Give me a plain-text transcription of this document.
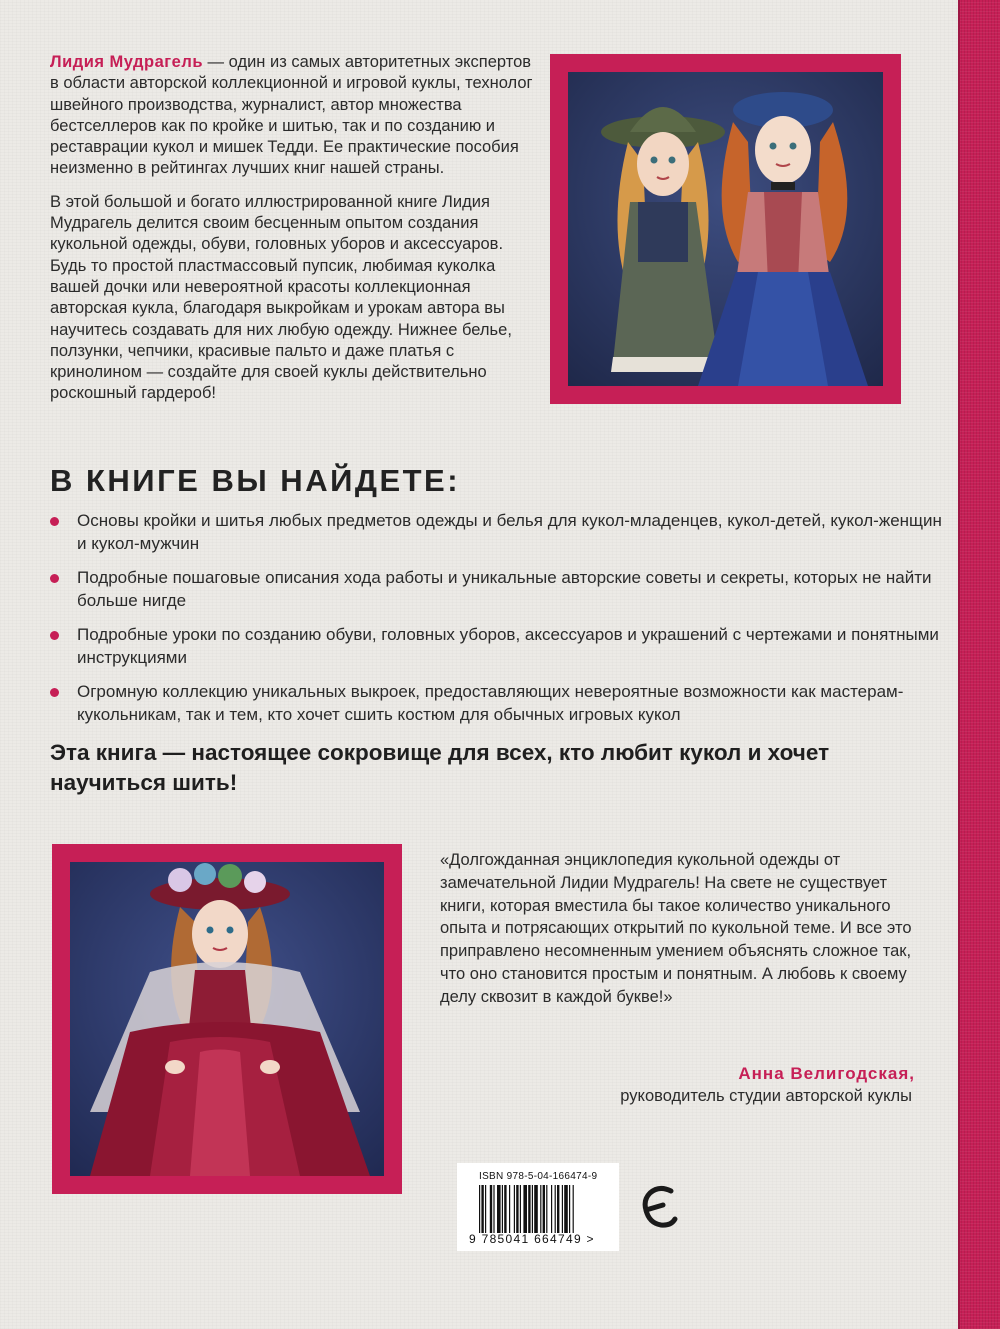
Лидия Мудрагель — один из самых авторитетных экспертов в области авторской коллекционной и игровой куклы, технолог швейного производства, журналист, автор множества бестселлеров как по кройке и шитью, так и по созданию и реставрации кукол и мишек Тедди. Ее практические пособия неизменно в рейтингах лучших книг нашей страны.

В этой большой и богато иллюстрированной книге Лидия Мудрагель делится своим бесценным опытом создания кукольной одежды, обуви, головных уборов и аксессуаров. Будь то простой пластмассовый пупсик, любимая куколка вашей дочки или невероятной красоты коллекционная авторская кукла, благодаря выкройкам и урокам автора вы научитесь создавать для них любую одежду. Нижнее белье, ползунки, чепчики, красивые пальто и даже платья с кринолином — создайте для своей куклы действительно роскошный гардероб!

В КНИГЕ ВЫ НАЙДЕТЕ:
Основы кройки и шитья любых предметов одежды и белья для кукол-младенцев, кукол-детей, кукол-женщин и кукол-мужчин
Подробные пошаговые описания хода работы и уникальные авторские советы и секреты, которых не найти больше нигде
Подробные уроки по созданию обуви, головных уборов, аксессуаров и украшений с чертежами и понятными инструкциями
Огромную коллекцию уникальных выкроек, предоставляющих невероятные возможности как мастерам-кукольникам, так и тем, кто хочет сшить костюм для обычных игровых кукол

Эта книга — настоящее сокровище для всех, кто любит кукол и хочет научиться шить!

«Долгожданная энциклопедия кукольной одежды от замечательной Лидии Мудрагель! На свете не существует книги, которая вместила бы такое количество уникального опыта и потрясающих открытий по кукольной теме. И все это приправлено несомненным умением объяснять сложное так, что оно становится простым и понятным. А любовь к своему делу сквозит в каждой букве!»

Анна Велигодская,

руководитель студии авторской куклы

ISBN 978-5-04-166474-9
9 785041 664749 >
